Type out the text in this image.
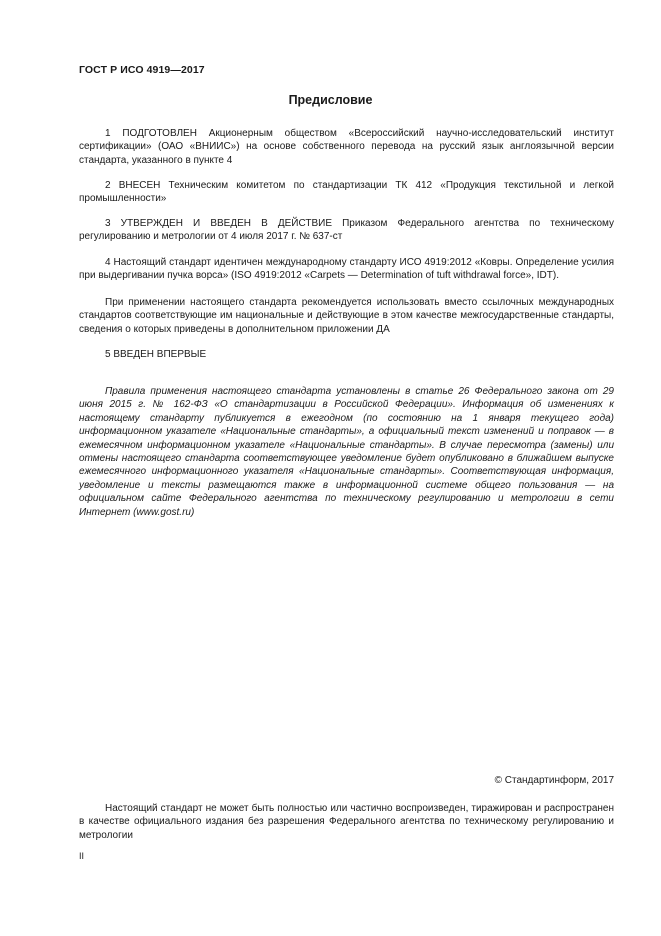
ГОСТ Р ИСО 4919—2017
Предисловие
1 ПОДГОТОВЛЕН Акционерным обществом «Всероссийский научно-исследовательский институт сертификации» (ОАО «ВНИИС») на основе собственного перевода на русский язык англоязычной версии стандарта, указанного в пункте 4
2 ВНЕСЕН Техническим комитетом по стандартизации ТК 412 «Продукция текстильной и легкой промышленности»
3 УТВЕРЖДЕН И ВВЕДЕН В ДЕЙСТВИЕ Приказом Федерального агентства по техническому регулированию и метрологии от 4 июля 2017 г. № 637-ст
4 Настоящий стандарт идентичен международному стандарту ИСО 4919:2012 «Ковры. Определение усилия при выдергивании пучка ворса» (ISO 4919:2012 «Carpets — Determination of tuft withdrawal force», IDT).
При применении настоящего стандарта рекомендуется использовать вместо ссылочных международных стандартов соответствующие им национальные и действующие в этом качестве межгосударственные стандарты, сведения о которых приведены в дополнительном приложении ДА
5 ВВЕДЕН ВПЕРВЫЕ
Правила применения настоящего стандарта установлены в статье 26 Федерального закона от 29 июня 2015 г. № 162-ФЗ «О стандартизации в Российской Федерации». Информация об изменениях к настоящему стандарту публикуется в ежегодном (по состоянию на 1 января текущего года) информационном указателе «Национальные стандарты», а официальный текст изменений и поправок — в ежемесячном информационном указателе «Национальные стандарты». В случае пересмотра (замены) или отмены настоящего стандарта соответствующее уведомление будет опубликовано в ближайшем выпуске ежемесячного информационного указателя «Национальные стандарты». Соответствующая информация, уведомление и тексты размещаются также в информационной системе общего пользования — на официальном сайте Федерального агентства по техническому регулированию и метрологии в сети Интернет (www.gost.ru)
© Стандартинформ, 2017
Настоящий стандарт не может быть полностью или частично воспроизведен, тиражирован и распространен в качестве официального издания без разрешения Федерального агентства по техническому регулированию и метрологии
II
